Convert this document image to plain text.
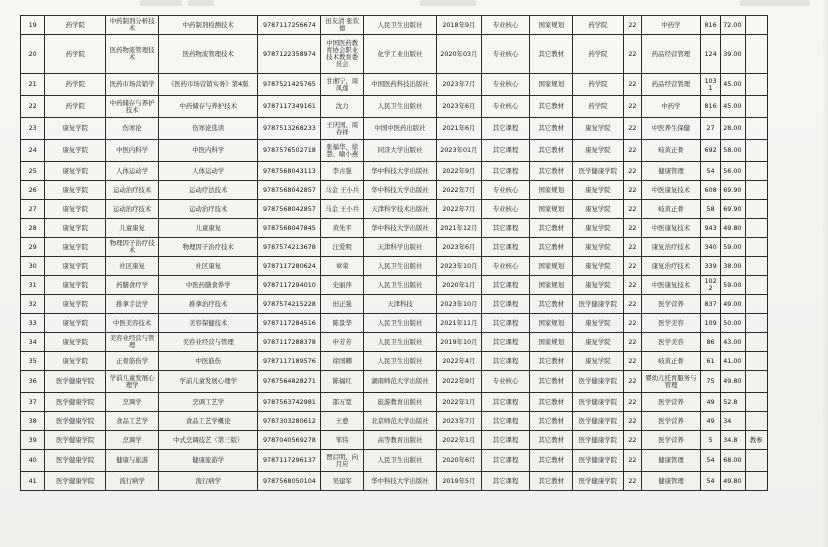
19	药学院	中药制剂分析技术	中药制剂检测技术	9787117256674	田友清 张钦德	人民卫生出版社	2018年9月	专业核心	国家规划	药学院	22	中药学	816	72.00	
20	药学院	医药物流管理技术	医药物流管理技术	9787122358974	中国医药教育协会职业技术教育委员会	化学工业出版社	2020年03月	专业核心	其它教材	药学院	22	药品经营管理	124	39.00	
21	药学院	医药市场营销学	《医药市场营销实务》第4版	9787521425765	甘湘宁、周凤莲	中国医药科技出版社	2023年7月	专业核心	国家规划	药学院	22	药品经营管理	1031	45.00	
22	药学院	中药储存与养护技术	中药储存与养护技术	9787117349161	沈力	人民卫生出版社	2023年6月	专业核心	其它教材	药学院	22	中药学	816	45.00	
23	康复学院	伤寒论	伤寒论选读	9787513268233	王庆国、周春祥	中国中医药出版社	2021年6月	其它课程	其它教材	康复学院	22	中医养生保健	27	28.00	
24	康复学院	中医内科学	中医内科学	9787576502718	张福华、徐慧、喻小燕	同济大学出版社	2023年01月	其它课程	其它教材	康复学院	22	岐黄正骨	692	58.00	
25	康复学院	人体运动学	人体运动学	9787568043113	李古强	华中科技大学出版社	2022年9月	其它课程	其它教材	医学健康学院	22	健康管理	54	56.00	
26	康复学院	运动治疗技术	运动疗法技术	9787568042857	马金 王小兵	华中科技大学出版社	2022年7月	专业核心	国家规划	康复学院	22	中医康复技术	608	69.90	
27	康复学院	运动治疗技术	运动治疗技术	9787568042857	马金 王小兵	天津科学技术出版社	2022年7月	专业核心	国家规划	康复学院	22	岐黄正骨	58	69.90	
28	康复学院	儿童康复	儿童康复	9787568047845	黄先平	华中科技大学出版社	2021年12月	其它课程	其它教材	康复学院	22	中医康复技术	943	49.80	
29	康复学院	物理因子治疗技术	物理因子治疗技术	9787574213678	汪爱明	天津科学出版社	2023年6月	其它课程	其它教材	康复学院	22	康复治疗技术	340	59.00	
30	康复学院	社区康复	社区康复	9787117280624	章荣	人民卫生出版社	2023年10月	专业核心	国家规划	康复学院	22	康复治疗技术	339	38.00	
31	康复学院	药膳食疗学	中医药膳食养学	9787117294010	史丽萍	人民卫生出版社	2020年1月	其它课程	国家规划	康复学院	22	中医康复技术	1022	59.00	
32	康复学院	推拿手法学	推拿治疗技术	9787574215228	田正强	天津科技	2023年10月	其它课程	其它教材	医学健康学院	22	医学营养	837	49.00	
33	康复学院	中医美容技术	美容保健技术	9787117284516	陈景华	人民卫生出版社	2021年11月	其它课程	国家规划	康复学院	22	医学美容	109	50.00	
34	康复学院	美容业经营与管理	美容业经营与管理	9787117288378	申芳芳	人民卫生出版社	2019年10月	其它课程	国家规划	康复学院	22	医学美容	86	43.00	
35	康复学院	正骨筋伤学	中医筋伤	9787117189576	徐国卿	人民卫生出版社	2022年4月	其它课程	其它教材	康复学院	22	岐黄正骨	61	41.00	
36	医学健康学院	学前儿童发展心理学	学前儿童发展心理学	9787564828271	陈福红	湖南师范大学出版社	2022年9月	专业核心	其它教材	医学健康学院	22	婴幼儿托育服务与管理	75	49.80	
37	医学健康学院	烹调学	烹调工艺学	9787563742981	邵万宽	旅游教育出版社	2022年1月	其它课程	其它教材	医学健康学院	22	医学营养	49	52.8	
38	医学健康学院	食品工艺学	食品工艺学概论	9787303280612	王愈	北京师范大学出版社	2023年7月	其它课程	其它教材	医学健康学院	22	医学营养	49	34	
39	医学健康学院	烹调学	中式烹调技艺（第三版）	9787040569278	邹伟	高等教育出版社	2022年1月	其它课程	其它教材	医学健康学院	22	医学营养	5	34.8	教参
40	医学健康学院	健康与旅游	健康旅游学	9787117296137	贾启明、向月应	人民卫生出版社	2020年6月	其它课程	其它教材	医学健康学院	22	健康管理	54	68.00	
41	医学健康学院	流行病学	流行病学	9787568050104	吴建军	华中科技大学出版社	2019年5月	其它课程	其它教材	医学健康学院	22	健康管理	54	49.80	
